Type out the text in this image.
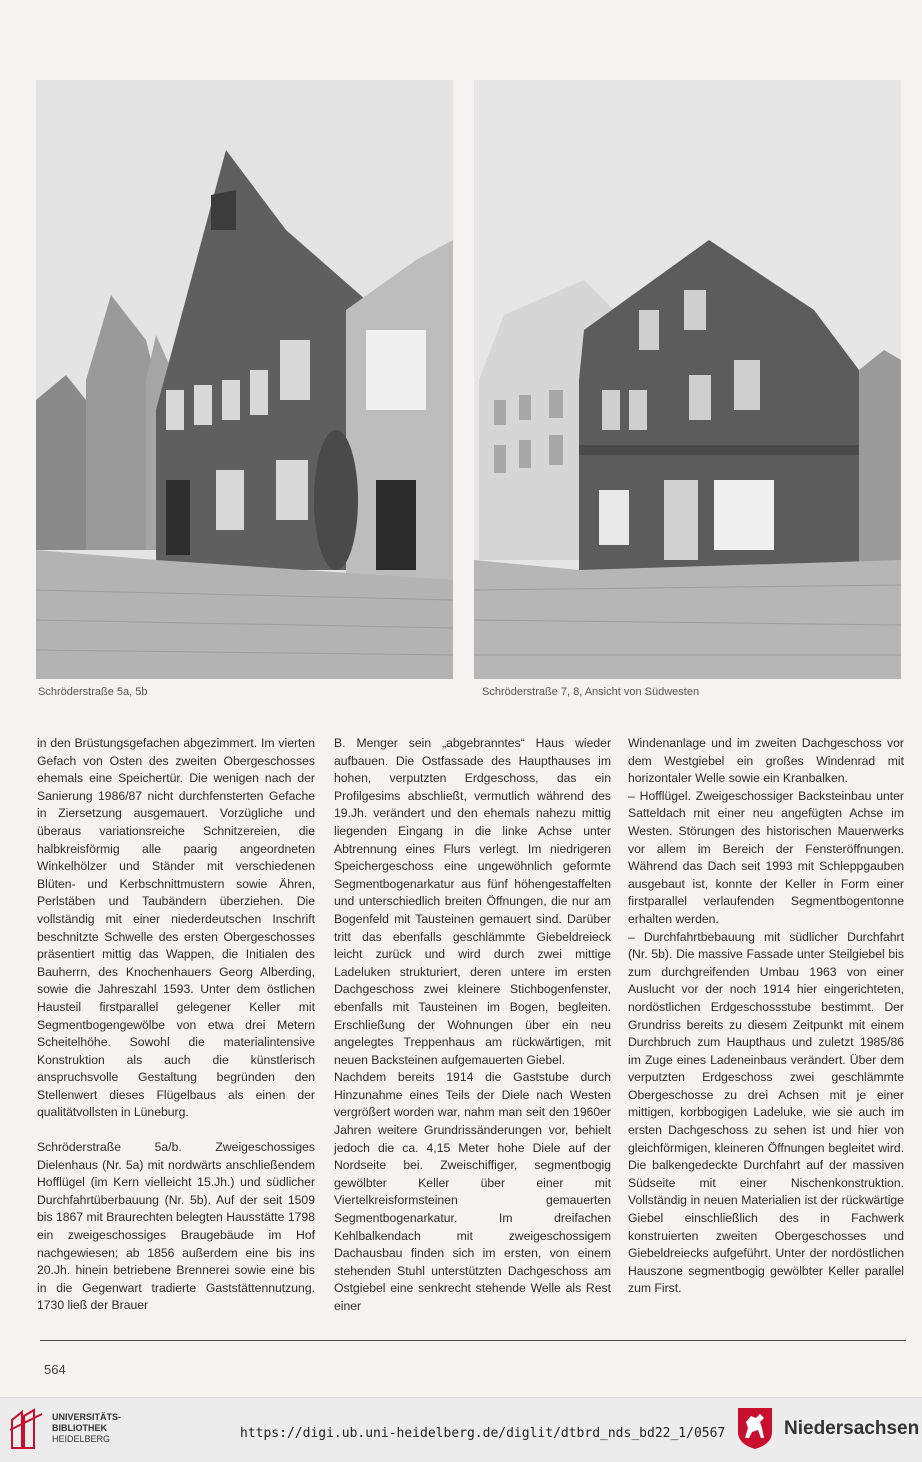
Schröderstraße 5a, 5b	Schröderstraße 7, 8, Ansicht von Südwesten

in den Brüstungsgefachen abgezimmert. Im vierten Gefach von Osten des zweiten Obergeschosses ehemals eine Speichertür. Die wenigen nach der Sanierung 1986/87 nicht durchfensterten Gefache in Ziersetzung ausgemauert. Vorzügliche und überaus variationsreiche Schnitzereien, die halbkreisförmig alle paarig angeordneten Winkelhölzer und Ständer mit verschiedenen Blüten- und Kerbschnittmustern sowie Ähren, Perlstäben und Taubändern überziehen. Die vollständig mit einer niederdeutschen Inschrift beschnitzte Schwelle des ersten Obergeschosses präsentiert mittig das Wappen, die Initialen des Bauherrn, des Knochenhauers Georg Alberding, sowie die Jahreszahl 1593. Unter dem östlichen Hausteil firstparallel gelegener Keller mit Segmentbogengewölbe von etwa drei Metern Scheitelhöhe. Sowohl die materialintensive Konstruktion als auch die künstlerisch anspruchsvolle Gestaltung begründen den Stellenwert dieses Flügelbaus als einen der qualitätvollsten in Lüneburg.

Schröderstraße 5a/b. Zweigeschossiges Dielenhaus (Nr. 5a) mit nordwärts anschließendem Hofflügel (im Kern vielleicht 15.Jh.) und südlicher Durchfahrtüberbauung (Nr. 5b). Auf der seit 1509 bis 1867 mit Braurechten belegten Hausstätte 1798 ein zweigeschossiges Braugebäude im Hof nachgewiesen; ab 1856 außerdem eine bis ins 20.Jh. hinein betriebene Brennerei sowie eine bis in die Gegenwart tradierte Gaststättennutzung. 1730 ließ der Brauer

B. Menger sein „abgebranntes“ Haus wieder aufbauen. Die Ostfassade des Haupthauses im hohen, verputzten Erdgeschoss, das ein Profilgesims abschließt, vermutlich während des 19.Jh. verändert und den ehemals nahezu mittig liegenden Eingang in die linke Achse unter Abtrennung eines Flurs verlegt. Im niedrigeren Speichergeschoss eine ungewöhnlich geformte Segmentbogenarkatur aus fünf höhengestaffelten und unterschiedlich breiten Öffnungen, die nur am Bogenfeld mit Tausteinen gemauert sind. Darüber tritt das ebenfalls geschlämmte Giebeldreieck leicht zurück und wird durch zwei mittige Ladeluken strukturiert, deren untere im ersten Dachgeschoss zwei kleinere Stichbogenfenster, ebenfalls mit Tausteinen im Bogen, begleiten. Erschließung der Wohnungen über ein neu angelegtes Treppenhaus am rückwärtigen, mit neuen Backsteinen aufgemauerten Giebel.

Nachdem bereits 1914 die Gaststube durch Hinzunahme eines Teils der Diele nach Westen vergrößert worden war, nahm man seit den 1960er Jahren weitere Grundrissänderungen vor, behielt jedoch die ca. 4,15 Meter hohe Diele auf der Nordseite bei. Zweischiffiger, segmentbogig gewölbter Keller über einer mit Viertelkreisformsteinen gemauerten Segmentbogenarkatur. Im dreifachen Kehlbalkendach mit zweigeschossigem Dachausbau finden sich im ersten, von einem stehenden Stuhl unterstützten Dachgeschoss am Ostgiebel eine senkrecht stehende Welle als Rest einer

Windenanlage und im zweiten Dachgeschoss vor dem Westgiebel ein großes Windenrad mit horizontaler Welle sowie ein Kranbalken.

– Hofflügel. Zweigeschossiger Backsteinbau unter Satteldach mit einer neu angefügten Achse im Westen. Störungen des historischen Mauerwerks vor allem im Bereich der Fensteröffnungen. Während das Dach seit 1993 mit Schleppgauben ausgebaut ist, konnte der Keller in Form einer firstparallel verlaufenden Segmentbogentonne erhalten werden.

– Durchfahrtbebauung mit südlicher Durchfahrt (Nr. 5b). Die massive Fassade unter Steilgiebel bis zum durchgreifenden Umbau 1963 von einer Auslucht vor der noch 1914 hier eingerichteten, nordöstlichen Erdgeschossstube bestimmt. Der Grundriss bereits zu diesem Zeitpunkt mit einem Durchbruch zum Haupthaus und zuletzt 1985/86 im Zuge eines Ladeneinbaus verändert. Über dem verputzten Erdgeschoss zwei geschlämmte Obergeschosse zu drei Achsen mit je einer mittigen, korbbogigen Ladeluke, wie sie auch im ersten Dachgeschoss zu sehen ist und hier von gleichförmigen, kleineren Öffnungen begleitet wird. Die balkengedeckte Durchfahrt auf der massiven Südseite mit einer Nischenkonstruktion. Vollständig in neuen Materialien ist der rückwärtige Giebel einschließlich des in Fachwerk konstruierten zweiten Obergeschosses und Giebeldreiecks aufgeführt. Unter der nordöstlichen Hauszone segmentbogig gewölbter Keller parallel zum First.

564
UNIVERSITÄTS-
BIBLIOTHEK
HEIDELBERG	https://digi.ub.uni-heidelberg.de/diglit/dtbrd_nds_bd22_1/0567	Niedersachsen
